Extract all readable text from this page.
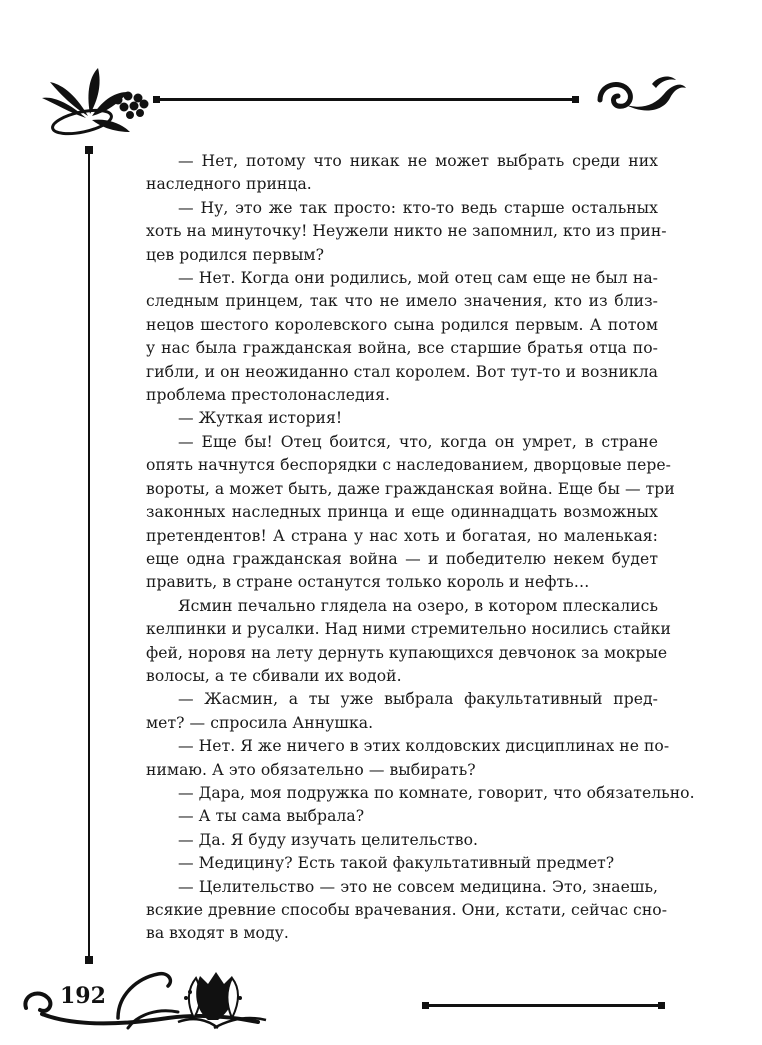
— Нет, потому что никак не может выбрать среди них
наследного принца.
— Ну, это же так просто: кто-то ведь старше остальных
хоть на минуточку! Неужели никто не запомнил, кто из прин-
цев родился первым?
— Нет. Когда они родились, мой отец сам еще не был на-
следным принцем, так что не имело значения, кто из близ-
нецов шестого королевского сына родился первым. А потом
у нас была гражданская война, все старшие братья отца по-
гибли, и он неожиданно стал королем. Вот тут-то и возникла
проблема престолонаследия.
— Жуткая история!
— Еще бы! Отец боится, что, когда он умрет, в стране
опять начнутся беспорядки с наследованием, дворцовые пере-
вороты, а может быть, даже гражданская война. Еще бы — три
законных наследных принца и еще одиннадцать возможных
претендентов! А страна у нас хоть и богатая, но маленькая:
еще одна гражданская война — и победителю некем будет
править, в стране останутся только король и нефть…
Ясмин печально глядела на озеро, в котором плескались
келпинки и русалки. Над ними стремительно носились стайки
фей, норовя на лету дернуть купающихся девчонок за мокрые
волосы, а те сбивали их водой.
— Жасмин, а ты уже выбрала факультативный пред-
мет? — спросила Аннушка.
— Нет. Я же ничего в этих колдовских дисциплинах не по-
нимаю. А это обязательно — выбирать?
— Дара, моя подружка по комнате, говорит, что обязательно.
— А ты сама выбрала?
— Да. Я буду изучать целительство.
— Медицину? Есть такой факультативный предмет?
— Целительство — это не совсем медицина. Это, знаешь,
всякие древние способы врачевания. Они, кстати, сейчас сно-
ва входят в моду.
192
